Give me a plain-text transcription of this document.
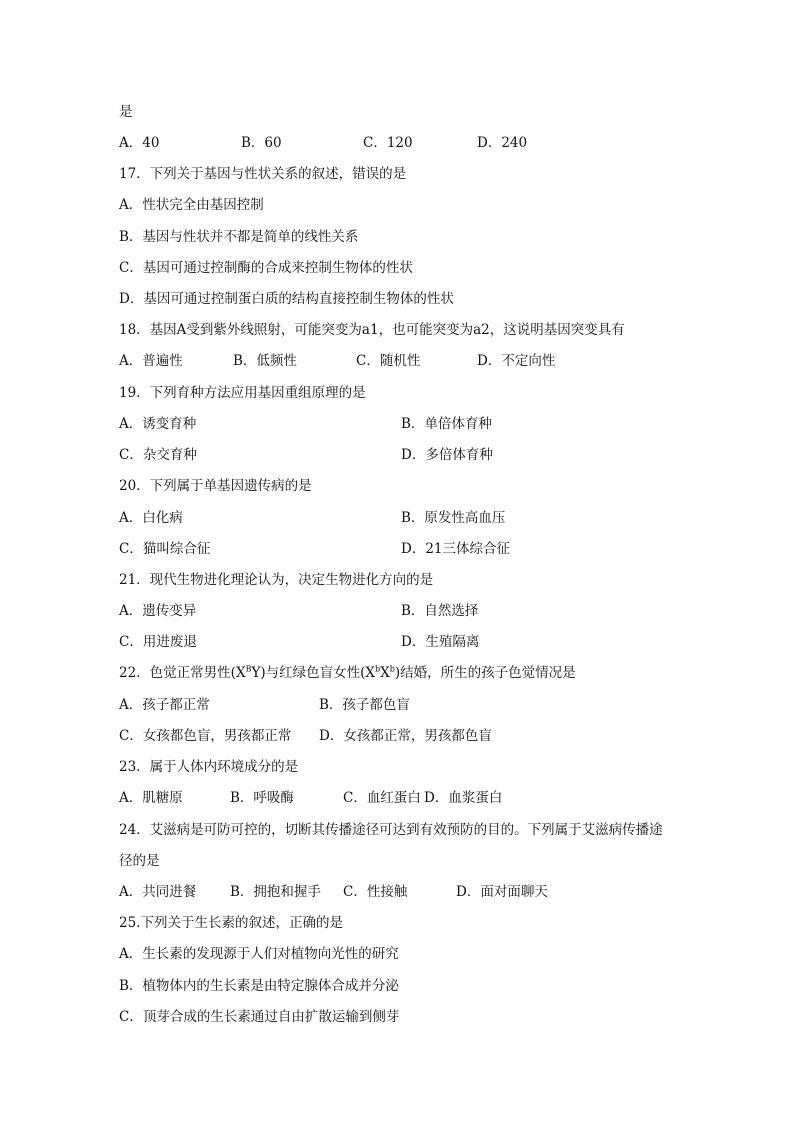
是
A．40	B．60	C．120	D．240
17．下列关于基因与性状关系的叙述，错误的是
A．性状完全由基因控制
B．基因与性状并不都是简单的线性关系
C．基因可通过控制酶的合成来控制生物体的性状
D．基因可通过控制蛋白质的结构直接控制生物体的性状
18．基因A受到紫外线照射，可能突变为a1，也可能突变为a2，这说明基因突变具有
A．普遍性	B．低频性	C．随机性	D．不定向性
19．下列育种方法应用基因重组原理的是
A．诱变育种	B．单倍体育种
C．杂交育种	D．多倍体育种
20．下列属于单基因遗传病的是
A．白化病	B．原发性高血压
C．猫叫综合征	D．21三体综合征
21．现代生物进化理论认为，决定生物进化方向的是
A．遗传变异	B．自然选择
C．用进废退	D．生殖隔离
22．色觉正常男性$(X^BY)$与红绿色盲女性$(X^bX^b)$结婚，所生的孩子色觉情况是
A．孩子都正常	B．孩子都色盲
C．女孩都色盲，男孩都正常 D．女孩都正常，男孩都色盲
23．属于人体内环境成分的是
A．肌糖原	B．呼吸酶	C．血红蛋白 D．血浆蛋白
24．艾滋病是可防可控的，切断其传播途径可达到有效预防的目的。下列属于艾滋病传播途
径的是
A．共同进餐	B．拥抱和握手 C．性接触	D．面对面聊天
25.下列关于生长素的叙述，正确的是
A．生长素的发现源于人们对植物向光性的研究
B．植物体内的生长素是由特定腺体合成并分泌
C．顶芽合成的生长素通过自由扩散运输到侧芽
